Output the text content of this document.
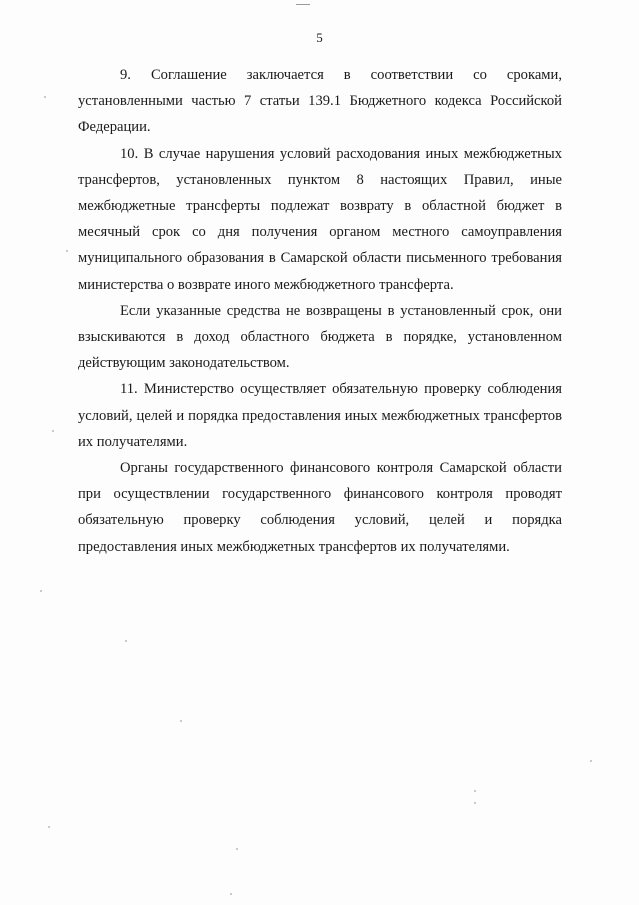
5

9. Соглашение заключается в соответствии со сроками, установленными частью 7 статьи 139.1 Бюджетного кодекса Российской Федерации.

10. В случае нарушения условий расходования иных межбюджетных трансфертов, установленных пунктом 8 настоящих Правил, иные межбюджетные трансферты подлежат возврату в областной бюджет в месячный срок со дня получения органом местного самоуправления муниципального образования в Самарской области письменного требования министерства о возврате иного межбюджетного трансферта.

Если указанные средства не возвращены в установленный срок, они взыскиваются в доход областного бюджета в порядке, установленном действующим законодательством.

11. Министерство осуществляет обязательную проверку соблюдения условий, целей и порядка предоставления иных межбюджетных трансфертов их получателями.

Органы государственного финансового контроля Самарской области при осуществлении государственного финансового контроля проводят обязательную проверку соблюдения условий, целей и порядка предоставления иных межбюджетных трансфертов их получателями.
